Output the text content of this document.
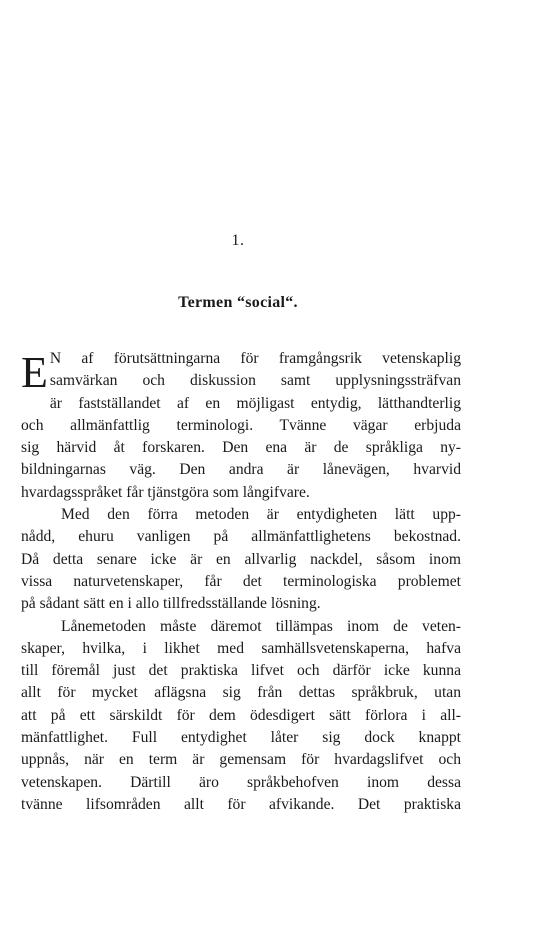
1.
Termen “social“.
E N af förutsättningarna för framgångsrik vetenskaplig
samvärkan och diskussion samt upplysningssträfvan
är fastställandet af en möjligast entydig, lätthandterlig
och allmänfattlig terminologi. Tvänne vägar erbjuda
sig härvid åt forskaren. Den ena är de språkliga ny-
bildningarnas väg. Den andra är lånevägen, hvarvid
hvardagsspråket får tjänstgöra som långifvare.
Med den förra metoden är entydigheten lätt upp-
nådd, ehuru vanligen på allmänfattlighetens bekostnad.
Då detta senare icke är en allvarlig nackdel, såsom inom
vissa naturvetenskaper, får det terminologiska problemet
på sådant sätt en i allo tillfredsställande lösning.
Lånemetoden måste däremot tillämpas inom de veten-
skaper, hvilka, i likhet med samhällsvetenskaperna, hafva
till föremål just det praktiska lifvet och därför icke kunna
allt för mycket aflägsna sig från dettas språkbruk, utan
att på ett särskildt för dem ödesdigert sätt förlora i all-
mänfattlighet. Full entydighet låter sig dock knappt
uppnås, när en term är gemensam för hvardagslifvet och
vetenskapen. Därtill äro språkbehofven inom dessa
tvänne lifsområden allt för afvikande. Det praktiska
